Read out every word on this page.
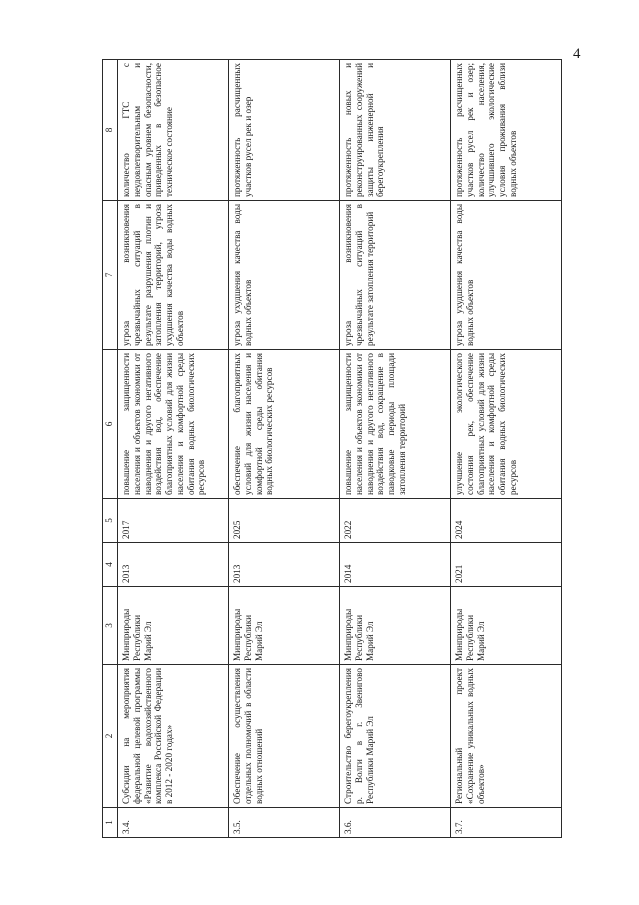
4
1	2	3	4	5	6	7	8
3.4.	Субсидии на мероприятия федеральной целевой программы «Развитие водохозяйственного комплекса Российской Федерации в 2012 - 2020 годах»	Минприроды Республики Марий Эл	2013	2017	повышение защищенности населения и объектов экономики от наводнения и другого негативного воздействия вод, обеспечение благоприятных условий для жизни населения и комфортной среды обитания водных биологических ресурсов	угроза возникновения чрезвычайных ситуаций в результате разрушения плотин и затопления территорий, угроза ухудшения качества воды водных объектов	количество ГТС с неудовлетворительным и опасным уровнем безопасности, приведенных в безопасное техническое состояние
3.5.	Обеспечение осуществления отдельных полномочий в области водных отношений	Минприроды Республики Марий Эл	2013	2025	обеспечение благоприятных условий для жизни населения и комфортной среды обитания водных биологических ресурсов	угроза ухудшения качества воды водных объектов	протяженность расчищенных участков русел рек и озер
3.6.	Строительство берегоукрепления р. Волги в г. Звенигово Республики Марий Эл	Минприроды Республики Марий Эл	2014	2022	повышение защищенности населения и объектов экономики от наводнения и другого негативного воздействия вод, сокращение в паводковые периоды площади затопления территорий	угроза возникновения чрезвычайных ситуаций в результате затопления территорий	протяженность новых и реконструированных сооружений защиты инженерной и берегоукрепления
3.7.	Региональный проект «Сохранение уникальных водных объектов»	Минприроды Республики Марий Эл	2021	2024	улучшение экологического состояния рек, обеспечение благоприятных условий для жизни населения и комфортной среды обитания водных биологических ресурсов	угроза ухудшения качества воды водных объектов	протяженность расчищенных участков русел рек и озер; количество населения, улучшившего экологические условия проживания вблизи водных объектов
